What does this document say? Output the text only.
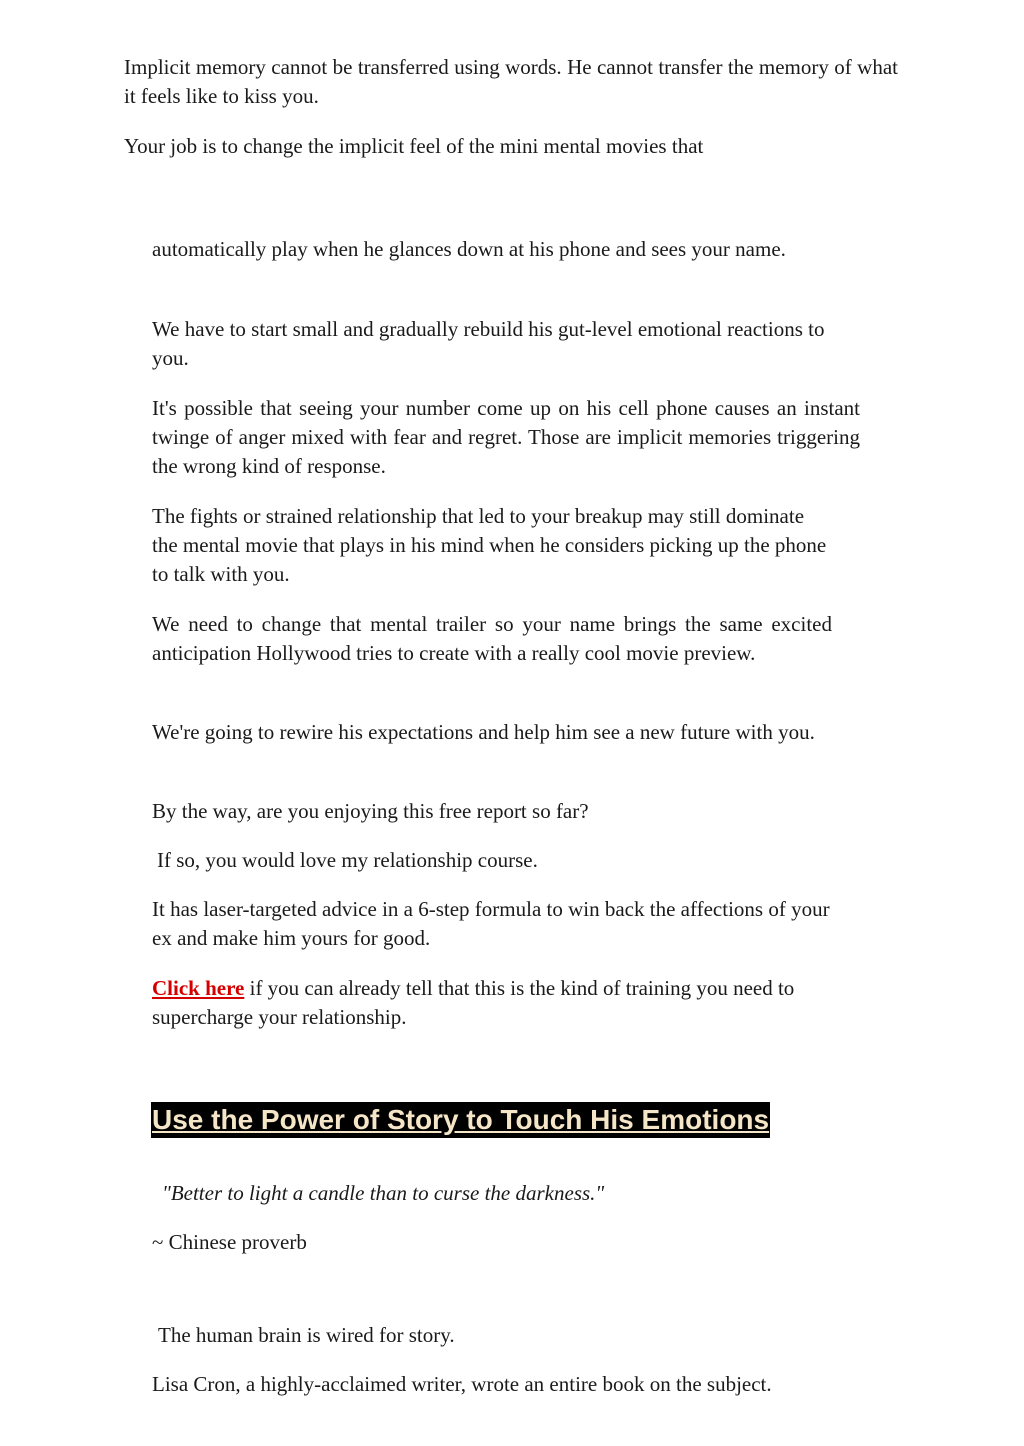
Implicit memory cannot be transferred using words. He cannot transfer the memory of what it feels like to kiss you.

Your job is to change the implicit feel of the mini mental movies that

automatically play when he glances down at his phone and sees your name.

We have to start small and gradually rebuild his gut-level emotional reactions to you.

It's possible that seeing your number come up on his cell phone causes an instant twinge of anger mixed with fear and regret. Those are implicit memories triggering the wrong kind of response.

The fights or strained relationship that led to your breakup may still dominate the mental movie that plays in his mind when he considers picking up the phone to talk with you.

We need to change that mental trailer so your name brings the same excited anticipation Hollywood tries to create with a really cool movie preview.

We're going to rewire his expectations and help him see a new future with you.

By the way, are you enjoying this free report so far?

If so, you would love my relationship course.

It has laser-targeted advice in a 6-step formula to win back the affections of your ex and make him yours for good.

Click here if you can already tell that this is the kind of training you need to supercharge your relationship.

Use the Power of Story to Touch His Emotions

"Better to light a candle than to curse the darkness."

~ Chinese proverb

The human brain is wired for story.

Lisa Cron, a highly-acclaimed writer, wrote an entire book on the subject.
